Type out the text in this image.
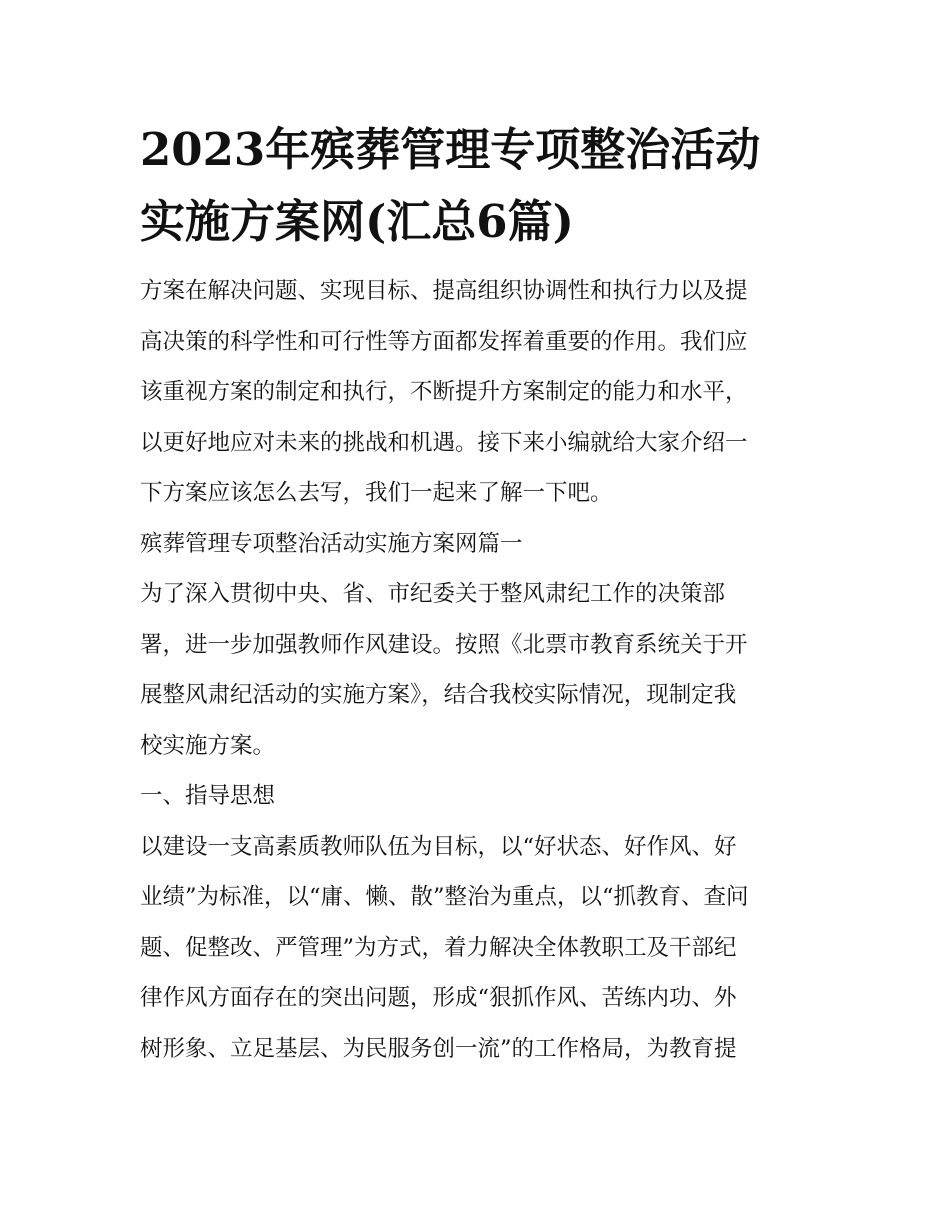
2023年殡葬管理专项整治活动
实施方案网(汇总6篇)
方案在解决问题、实现目标、提高组织协调性和执行力以及提
高决策的科学性和可行性等方面都发挥着重要的作用。我们应
该重视方案的制定和执行，不断提升方案制定的能力和水平，
以更好地应对未来的挑战和机遇。接下来小编就给大家介绍一
下方案应该怎么去写，我们一起来了解一下吧。
殡葬管理专项整治活动实施方案网篇一
为了深入贯彻中央、省、市纪委关于整风肃纪工作的决策部
署，进一步加强教师作风建设。按照《北票市教育系统关于开
展整风肃纪活动的实施方案》，结合我校实际情况，现制定我
校实施方案。
一、指导思想
以建设一支高素质教师队伍为目标，以“好状态、好作风、好
业绩”为标准，以“庸、懒、散”整治为重点，以“抓教育、查问
题、促整改、严管理”为方式，着力解决全体教职工及干部纪
律作风方面存在的突出问题，形成“狠抓作风、苦练内功、外
树形象、立足基层、为民服务创一流”的工作格局，为教育提
